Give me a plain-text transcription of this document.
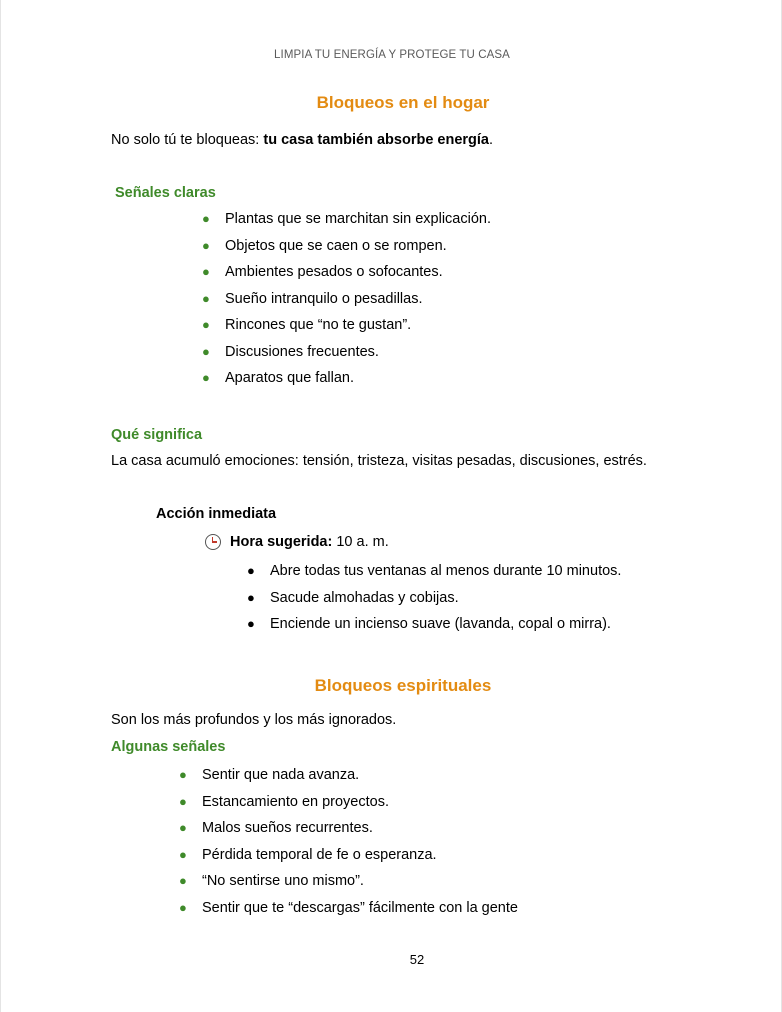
LIMPIA TU ENERGÍA Y PROTEGE TU CASA
Bloqueos en el hogar
No solo tú te bloqueas: tu casa también absorbe energía.
Señales claras
● Plantas que se marchitan sin explicación.
● Objetos que se caen o se rompen.
● Ambientes pesados o sofocantes.
● Sueño intranquilo o pesadillas.
● Rincones que “no te gustan”.
● Discusiones frecuentes.
● Aparatos que fallan.
Qué significa
La casa acumuló emociones: tensión, tristeza, visitas pesadas, discusiones, estrés.
Acción inmediata
Hora sugerida: 10 a. m.
● Abre todas tus ventanas al menos durante 10 minutos.
● Sacude almohadas y cobijas.
● Enciende un incienso suave (lavanda, copal o mirra).
Bloqueos espirituales
Son los más profundos y los más ignorados.
Algunas señales
● Sentir que nada avanza.
● Estancamiento en proyectos.
● Malos sueños recurrentes.
● Pérdida temporal de fe o esperanza.
● “No sentirse uno mismo”.
● Sentir que te “descargas” fácilmente con la gente
52
